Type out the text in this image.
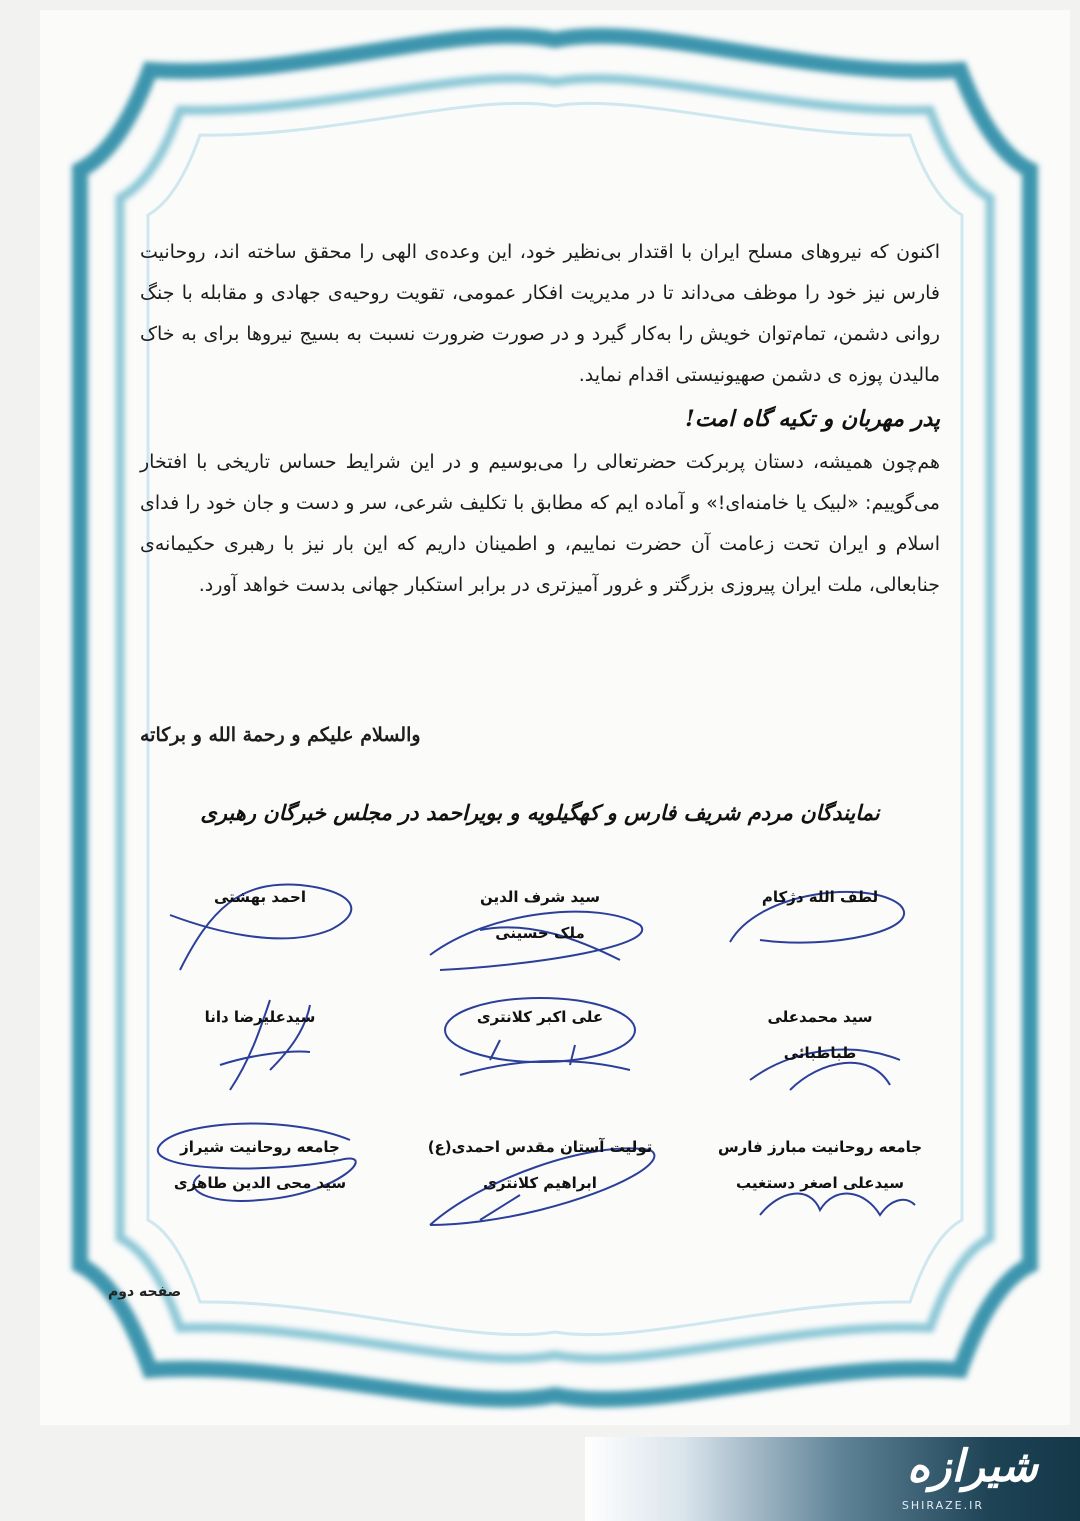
اکنون که نیروهای مسلح ایران با اقتدار بی‌نظیر خود، این وعده‌ی الهی را محقق ساخته اند، روحانیت فارس نیز خود را موظف می‌داند تا در مدیریت افکار عمومی، تقویت روحیه‌ی جهادی و مقابله با جنگ روانی دشمن، تمام‌توان خویش را به‌کار گیرد و در صورت ضرورت نسبت به بسیج نیروها برای به خاک مالیدن پوزه ی دشمن صهیونیستی اقدام نماید.

پدر مهربان و تکیه گاه امت!

هم‌چون همیشه، دستان پربرکت حضرتعالی را می‌بوسیم و در این شرایط حساس تاریخی با افتخار می‌گوییم: «لبیک یا خامنه‌ای!» و آماده ایم که مطابق با تکلیف شرعی، سر و دست و جان خود را فدای اسلام و ایران تحت زعامت آن حضرت نماییم، و اطمینان داریم که این بار نیز با رهبری حکیمانه‌ی جنابعالی، ملت ایران پیروزی بزرگتر و غرور آمیزتری در برابر استکبار جهانی بدست خواهد آورد.

والسلام علیکم و رحمة الله و برکاته
نمایندگان مردم شریف فارس و کهگیلویه و بویراحمد در مجلس خبرگان رهبری
لطف الله دژکام
سید شرف الدین
ملک حسینی
احمد بهشتی
سید محمدعلی
طباطبائی
علی اکبر کلانتری
سیدعلیرضا دانا
جامعه روحانیت مبارز فارس
سیدعلی اصغر دستغیب
تولیت آستان مقدس احمدی(ع)
ابراهیم کلانتری
جامعه روحانیت شیراز
سید محی الدین طاهری
صفحه دوم
شیرازه
SHIRAZE.IR
